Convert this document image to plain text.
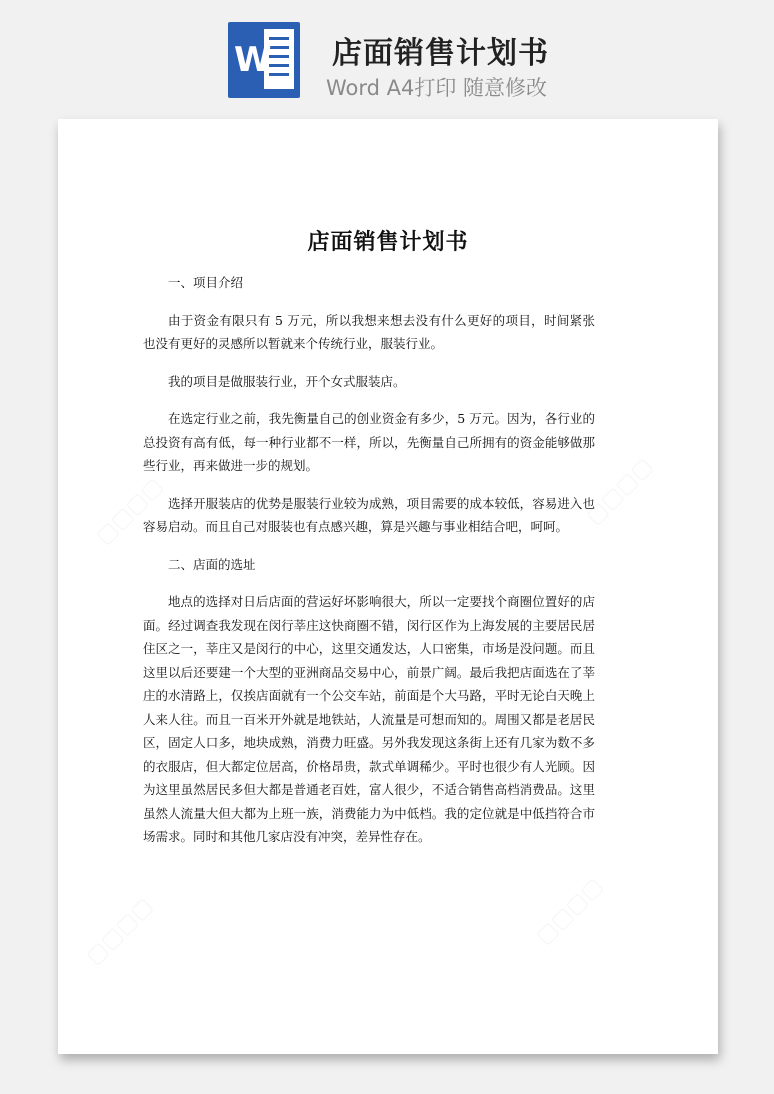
W 店面销售计划书
Word A4打印 随意修改
店面销售计划书

一、项目介绍

由于资金有限只有 5 万元，所以我想来想去没有什么更好的项目，时间紧张也没有更好的灵感所以暂就来个传统行业，服装行业。

我的项目是做服装行业，开个女式服装店。

在选定行业之前，我先衡量自己的创业资金有多少，5 万元。因为，各行业的总投资有高有低，每一种行业都不一样，所以，先衡量自己所拥有的资金能够做那些行业，再来做进一步的规划。

选择开服装店的优势是服装行业较为成熟，项目需要的成本较低，容易进入也容易启动。而且自己对服装也有点感兴趣，算是兴趣与事业相结合吧，呵呵。

二、店面的选址

地点的选择对日后店面的营运好坏影响很大，所以一定要找个商圈位置好的店面。经过调查我发现在闵行莘庄这快商圈不错，闵行区作为上海发展的主要居民居住区之一，莘庄又是闵行的中心，这里交通发达，人口密集，市场是没问题。而且这里以后还要建一个大型的亚洲商品交易中心，前景广阔。最后我把店面选在了莘庄的水清路上，仅挨店面就有一个公交车站，前面是个大马路，平时无论白天晚上人来人往。而且一百米开外就是地铁站，人流量是可想而知的。周围又都是老居民区，固定人口多，地块成熟，消费力旺盛。另外我发现这条街上还有几家为数不多的衣服店，但大都定位居高，价格昂贵，款式单调稀少。平时也很少有人光顾。因为这里虽然居民多但大都是普通老百姓，富人很少，不适合销售高档消费品。这里虽然人流量大但大都为上班一族，消费能力为中低档。我的定位就是中低挡符合市场需求。同时和其他几家店没有冲突，差异性存在。
